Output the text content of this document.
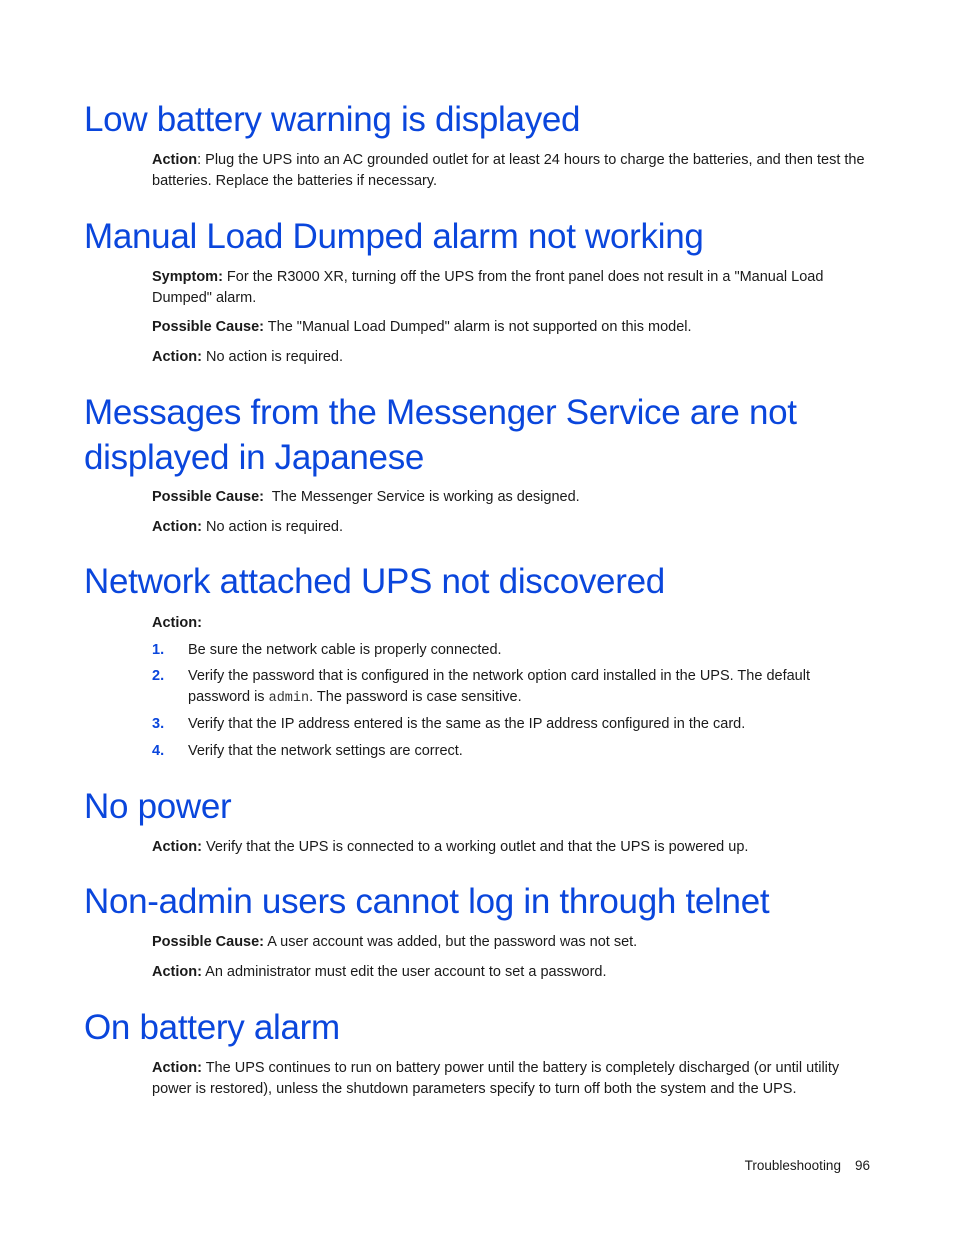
Low battery warning is displayed

Action: Plug the UPS into an AC grounded outlet for at least 24 hours to charge the batteries, and then test the batteries. Replace the batteries if necessary.

Manual Load Dumped alarm not working

Symptom: For the R3000 XR, turning off the UPS from the front panel does not result in a "Manual Load Dumped" alarm.

Possible Cause: The "Manual Load Dumped" alarm is not supported on this model.

Action: No action is required.

Messages from the Messenger Service are not
displayed in Japanese

Possible Cause:  The Messenger Service is working as designed.

Action: No action is required.

Network attached UPS not discovered

Action:

1. Be sure the network cable is properly connected.
2. Verify the password that is configured in the network option card installed in the UPS. The default password is admin. The password is case sensitive.
3. Verify that the IP address entered is the same as the IP address configured in the card.
4. Verify that the network settings are correct.
No power

Action: Verify that the UPS is connected to a working outlet and that the UPS is powered up.

Non-admin users cannot log in through telnet

Possible Cause: A user account was added, but the password was not set.

Action: An administrator must edit the user account to set a password.

On battery alarm

Action: The UPS continues to run on battery power until the battery is completely discharged (or until utility power is restored), unless the shutdown parameters specify to turn off both the system and the UPS.

Troubleshooting 96
